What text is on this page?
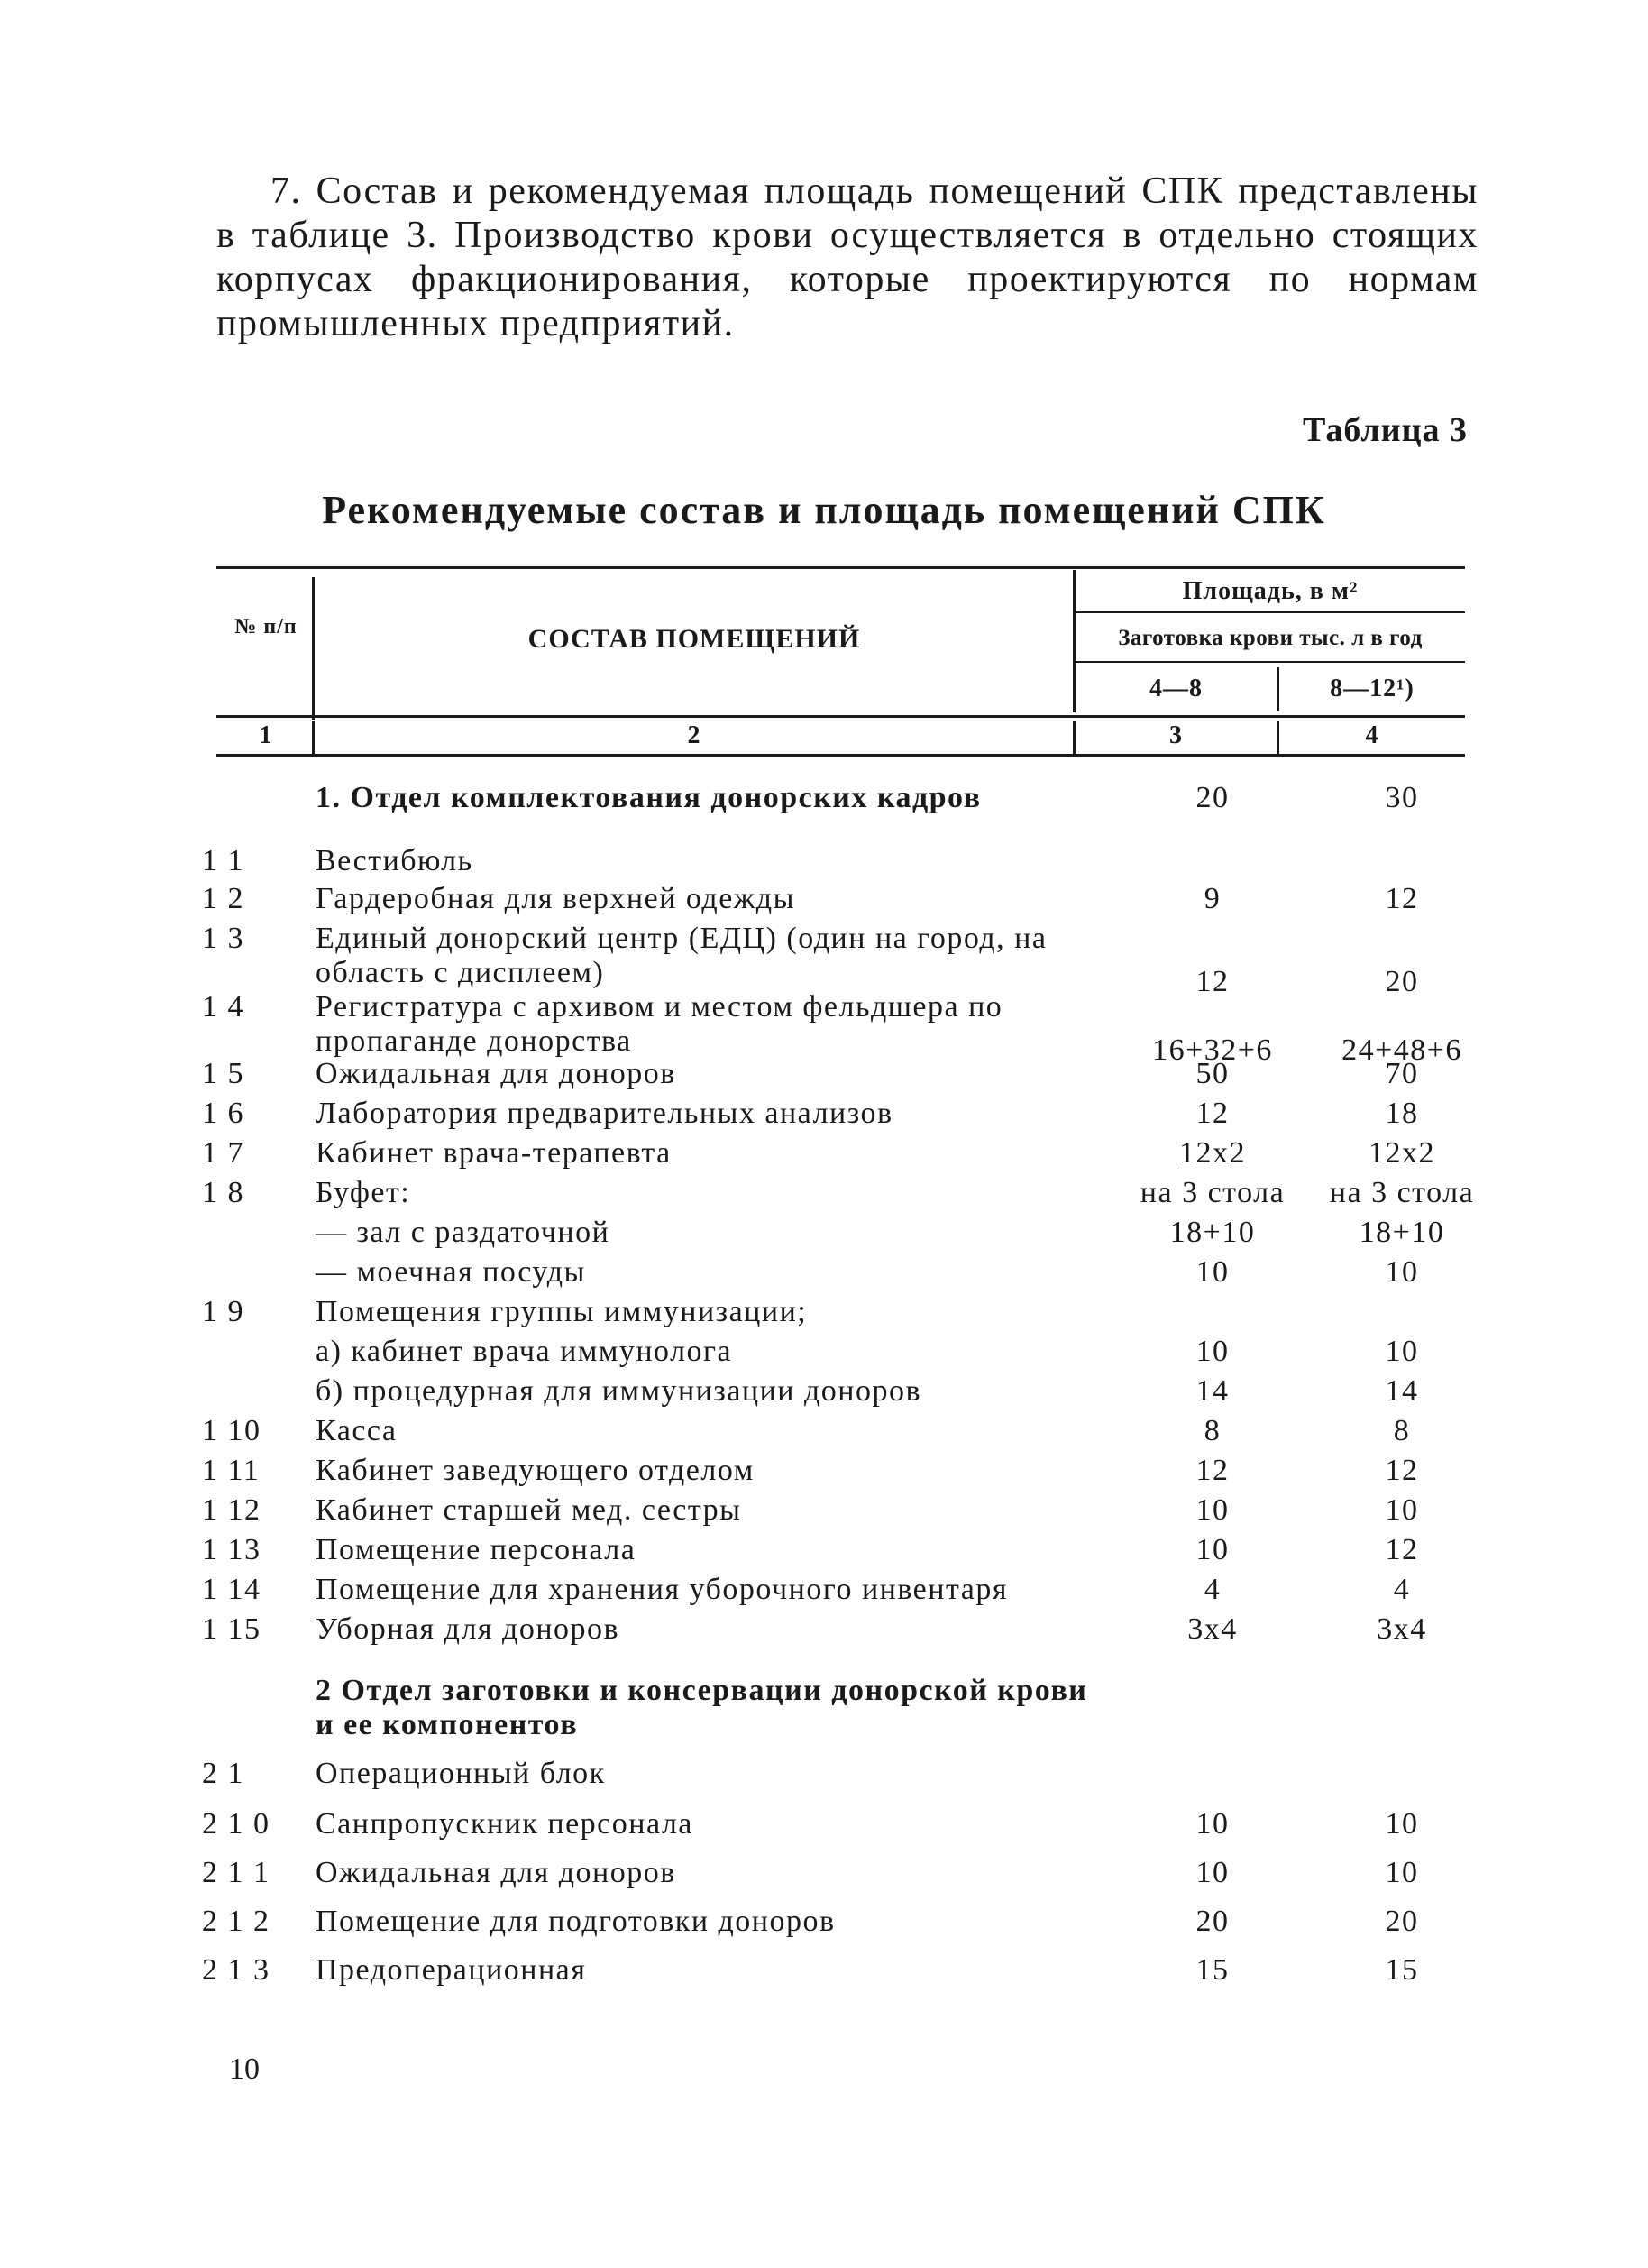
7. Состав и рекомендуемая площадь помещений СПК представлены в таблице 3. Производство крови осуществляется в отдельно стоящих корпусах фракционирования, которые проектируются по нормам промышленных предприятий.

Таблица 3
Рекомендуемые состав и площадь помещений СПК
№ п/п	СОСТАВ ПОМЕЩЕНИЙ
Площадь, в м²
Заготовка крови тыс. л в год
4—8	8—12¹)
1	2	3	4
1. Отдел комплектования донорских кадров	20	30
1 1 Вестибюль
1 2 Гардеробная для верхней одежды	9	12
1 3 Единый донорский центр (ЕДЦ) (один на город, на область с дисплеем)	12	20
1 4 Регистратура с архивом и местом фельдшера по пропаганде донорства	16+32+6	24+48+6
1 5 Ожидальная для доноров	50	70
1 6 Лаборатория предварительных анализов	12	18
1 7 Кабинет врача-терапевта	12x2	12x2
1 8 Буфет:	на 3 стола	на 3 стола
— зал с раздаточной	18+10	18+10
— моечная посуды	10	10
1 9 Помещения группы иммунизации;
а) кабинет врача иммунолога	10	10
б) процедурная для иммунизации доноров	14	14
1 10 Касса	8	8
1 11 Кабинет заведующего отделом	12	12
1 12 Кабинет старшей мед. сестры	10	10
1 13 Помещение персонала	10	12
1 14 Помещение для хранения уборочного инвентаря	4	4
1 15 Уборная для доноров	3x4	3x4
2 Отдел заготовки и консервации донорской крови и ее компонентов
2 1 Операционный блок
2 1 0 Санпропускник персонала	10	10
2 1 1 Ожидальная для доноров	10	10
2 1 2 Помещение для подготовки доноров	20	20
2 1 3 Предоперационная	15	15
10
